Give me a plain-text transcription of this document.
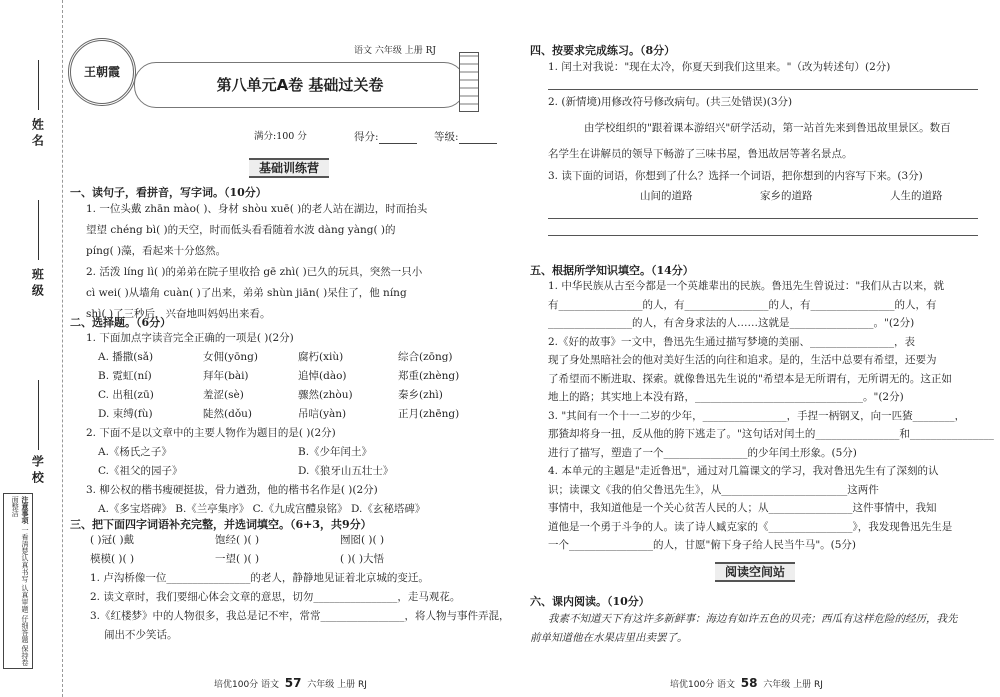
姓 名
班 级
学 校
注意事项 一看清楚认真书写 认真审题 仔细答题 保持卷面整洁
王朝霞
语文 六年级 上册 RJ
第八单元A卷 基础过关卷
满分:100 分	得分:	等级:
基础训练营
一、读句子，看拼音，写字词。（10分）
1. 一位头戴 zhān mào( )、身材 shòu xuē( )的老人站在湖边，时而抬头
望望 chéng bì( )的天空，时而低头看看随着水波 dàng yàng( )的
píng( )藻，看起来十分悠然。
2. 活泼 líng lì( )的弟弟在院子里收拾 gē zhì( )已久的玩具，突然一只小
cì wei( )从墙角 cuàn( )了出来，弟弟 shùn jiān( )呆住了，他 níng
shì( )了三秒后，兴奋地叫妈妈出来看。
二、选择题。（6分）
1. 下面加点字读音完全正确的一项是( )(2分)
A. 播撒(sǎ)	女佣(yōng)	腐朽(xiù)	综合(zōng)
B. 霓虹(ní)	拜年(bài)	追悼(dào)	郑重(zhèng)
C. 出租(zū)	羞涩(sè)	骤然(zhòu)	秦乡(zhì)
D. 束缚(fù)	陡然(dǒu)	吊唁(yàn)	正月(zhēng)
2. 下面不是以文章中的主要人物作为题目的是( )(2分)
A.《杨氏之子》	B.《少年闰土》
C.《祖父的园子》	D.《狼牙山五壮士》
3. 柳公权的楷书瘦硬挺拔，骨力遒劲，他的楷书名作是( )(2分)
A.《多宝塔碑》 B.《兰亭集序》 C.《九成宫醴泉铭》 D.《玄秘塔碑》
三、把下面四字词语补充完整，并选词填空。（6+3，共9分）
( )冠( )戴	饱经( )( )	囫囵( )( )
模模( )( )	一望( )( )	( )( )大悟
1. 卢沟桥像一位________________的老人，静静地见证着北京城的变迁。
2. 读文章时，我们要细心体会文章的意思，切勿________________，走马观花。
3.《红楼梦》中的人物很多，我总是记不牢，常常________________，将人物与事件弄混，
闹出不少笑话。
培优100分 语文 57 六年级 上册 RJ
四、按要求完成练习。（8分）
1. 闰土对我说："现在太冷，你夏天到我们这里来。"（改为转述句）(2分)
2. (新情境)用修改符号修改病句。(共三处错误)(3分)
由学校组织的"跟着课本游绍兴"研学活动，第一站首先来到鲁迅故里景区。数百
名学生在讲解员的领导下畅游了三味书屋，鲁迅故居等著名景点。
3. 读下面的词语，你想到了什么？选择一个词语，把你想到的内容写下来。(3分)
山间的道路	家乡的道路	人生的道路
五、根据所学知识填空。（14分）
1. 中华民族从古至今都是一个英雄辈出的民族。鲁迅先生曾说过："我们从古以来，就
有________________的人，有________________的人，有________________的人，有
________________的人，有舍身求法的人……这就是________________。"(2分)
2.《好的故事》一文中，鲁迅先生通过描写梦境的美丽、________________，表
现了身处黑暗社会的他对美好生活的向往和追求。是的，生活中总要有希望，还要为
了希望而不断进取、探索。就像鲁迅先生说的"希望本是无所谓有，无所谓无的。这正如
地上的路；其实地上本没有路，________________________________。"(2分)
3. "其间有一个十一二岁的少年，________________，手捏一柄钢叉，向一匹猹________，
那猹却将身一扭，反从他的胯下逃走了。"这句话对闰土的________________和________________
进行了描写，塑造了一个________________的少年闰土形象。(5分)
4. 本单元的主题是"走近鲁迅"，通过对几篇课文的学习，我对鲁迅先生有了深刻的认
识；读课文《我的伯父鲁迅先生》，从________________________这两件
事情中，我知道他是一个关心贫苦人民的人；从________________这件事情中，我知
道他是一个勇于斗争的人。读了诗人臧克家的《________________》，我发现鲁迅先生是
一个________________的人，甘愿"俯下身子给人民当牛马"。(5分)
阅读空间站
六、课内阅读。（10分）
我素不知道天下有这许多新鲜事：海边有如许五色的贝壳；西瓜有这样危险的经历，我先
前单知道他在水果店里出卖罢了。
培优100分 语文 58 六年级 上册 RJ
